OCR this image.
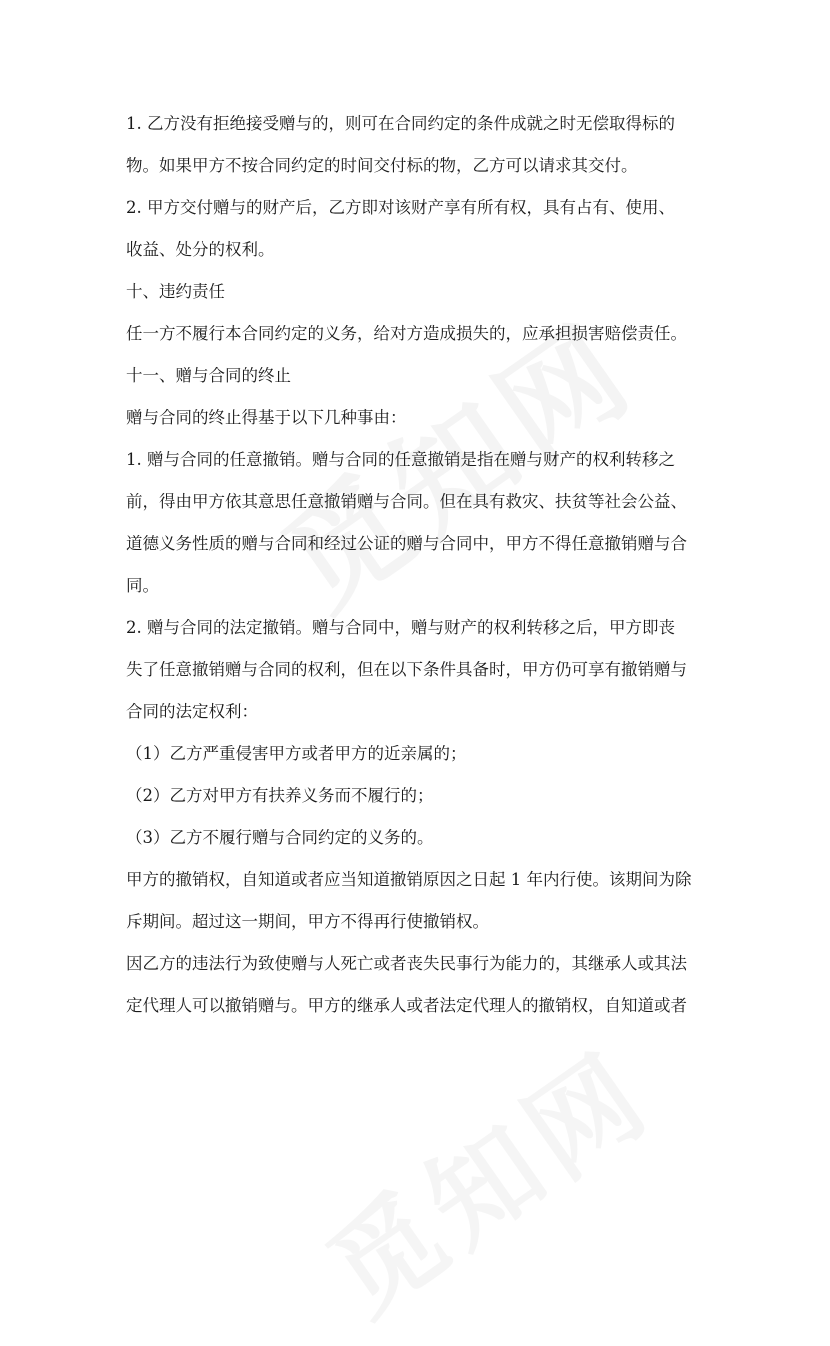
1. 乙方没有拒绝接受赠与的，则可在合同约定的条件成就之时无偿取得标的
物。如果甲方不按合同约定的时间交付标的物，乙方可以请求其交付。
2. 甲方交付赠与的财产后，乙方即对该财产享有所有权，具有占有、使用、
收益、处分的权利。
十、违约责任
任一方不履行本合同约定的义务，给对方造成损失的，应承担损害赔偿责任。
十一、赠与合同的终止
赠与合同的终止得基于以下几种事由：
1. 赠与合同的任意撤销。赠与合同的任意撤销是指在赠与财产的权利转移之
前，得由甲方依其意思任意撤销赠与合同。但在具有救灾、扶贫等社会公益、
道德义务性质的赠与合同和经过公证的赠与合同中，甲方不得任意撤销赠与合
同。
2. 赠与合同的法定撤销。赠与合同中，赠与财产的权利转移之后，甲方即丧
失了任意撤销赠与合同的权利，但在以下条件具备时，甲方仍可享有撤销赠与
合同的法定权利：
（1）乙方严重侵害甲方或者甲方的近亲属的；
（2）乙方对甲方有扶养义务而不履行的；
（3）乙方不履行赠与合同约定的义务的。
甲方的撤销权，自知道或者应当知道撤销原因之日起 1 年内行使。该期间为除
斥期间。超过这一期间，甲方不得再行使撤销权。
因乙方的违法行为致使赠与人死亡或者丧失民事行为能力的，其继承人或其法
定代理人可以撤销赠与。甲方的继承人或者法定代理人的撤销权，自知道或者
